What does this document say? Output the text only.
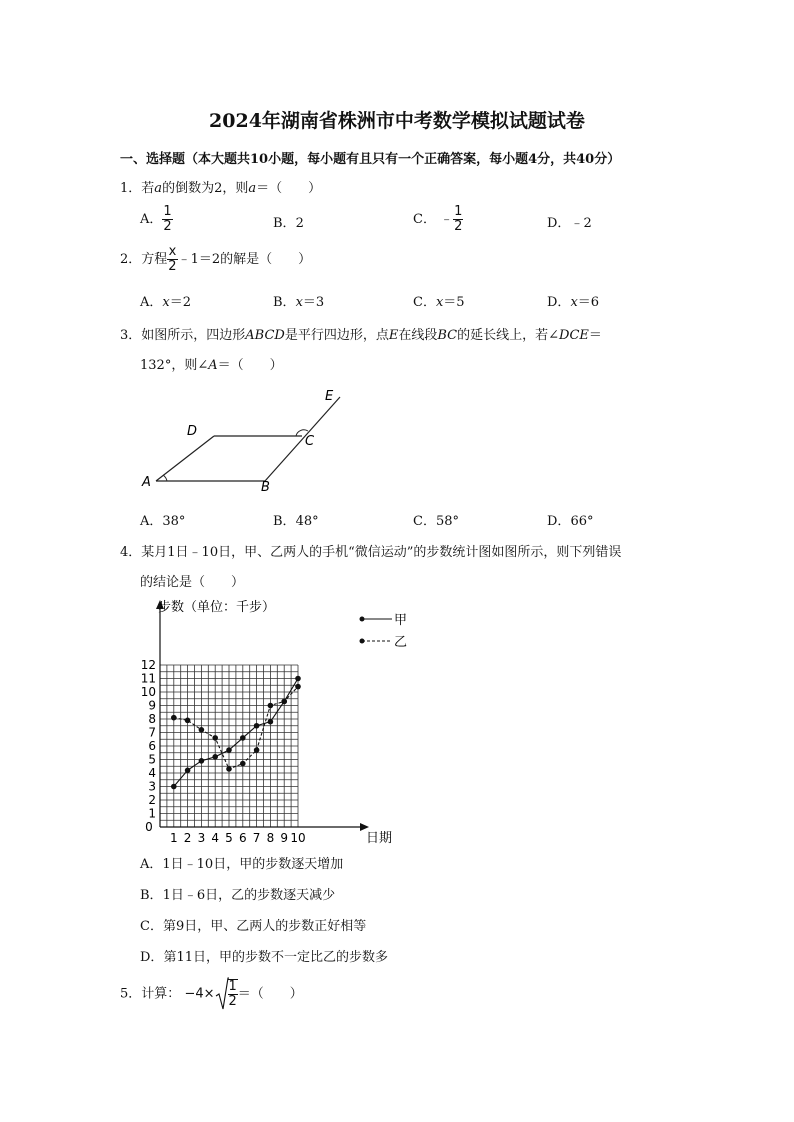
2024年湖南省株洲市中考数学模拟试题试卷
一、选择题（本大题共10小题，每小题有且只有一个正确答案，每小题4分，共40分）
1．若a的倒数为2，则a＝（　　）
A． $\frac{1}{2}$	B．2	C． ﹣ $\frac{1}{2}$	D．﹣2
2．方程 $\frac{x}{2}$ ﹣1＝2的解是（　　）
A．x＝2	B．x＝3	C．x＝5	D．x＝6
3．如图所示，四边形ABCD是平行四边形，点E在线段BC的延长线上，若∠DCE＝
132°，则∠A＝（　　）
A	B
C
D
E
A．38°	B．48°	C．58°	D．66°
4．某月1日﹣10日，甲、乙两人的手机“微信运动”的步数统计图如图所示，则下列错误
的结论是（　　）
1
2
3
4
5
6
7
8
9
10
11
12
0
1 2 3 4 5 6 7 8 9 10
步数（单位：千步）
日期
甲
乙
A．1日﹣10日，甲的步数逐天增加
B．1日﹣6日，乙的步数逐天减少
C．第9日，甲、乙两人的步数正好相等
D．第11日，甲的步数不一定比乙的步数多
5．计算： $-4\times \frac{1}{2}$ ＝（　　）
